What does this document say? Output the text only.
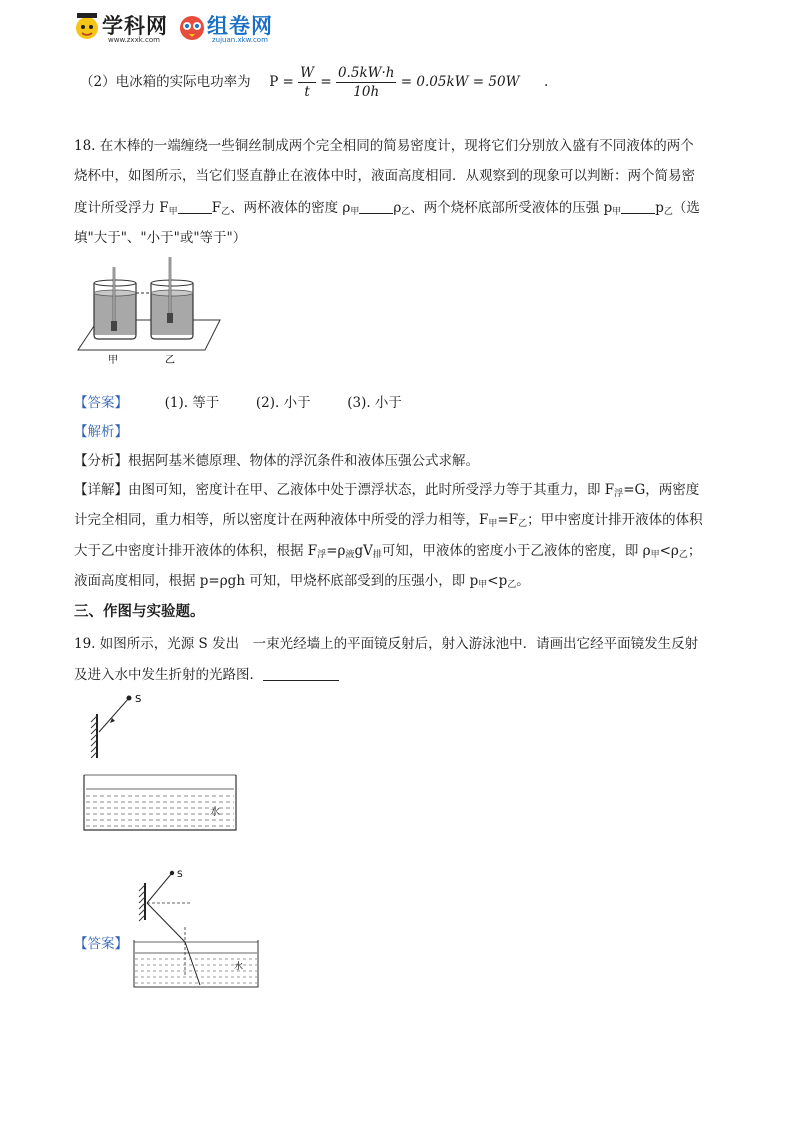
学科网
www.zxxk.com
组卷网
zujuan.xkw.com
（2）电冰箱的实际电功率为 $P = \frac{W}{t} = \frac{0.5kW\cdot h}{10h} = 0.05kW = 50W$ .
18. 在木棒的一端缠绕一些铜丝制成两个完全相同的简易密度计，现将它们分别放入盛有不同液体的两个
烧杯中，如图所示，当它们竖直静止在液体中时，液面高度相同．从观察到的现象可以判断：两个简易密
度计所受浮力 $F_甲$	$F_乙$、两杯液体的密度 $\rho_甲$	$\rho_乙$、两个烧杯底部所受液体的压强 $p_甲$	$p_乙$（选
填"大于"、"小于"或"等于"）
甲	乙
【答案】	(1). 等于	(2). 小于	(3). 小于
【解析】
【分析】根据阿基米德原理、物体的浮沉条件和液体压强公式求解。
【详解】由图可知，密度计在甲、乙液体中处于漂浮状态，此时所受浮力等于其重力，即 $F_浮=G$，两密度
计完全相同，重力相等，所以密度计在两种液体中所受的浮力相等，$F_甲=F_乙$；甲中密度计排开液体的体积
大于乙中密度计排开液体的体积，根据 $F_浮=\rho_液gV_排$可知，甲液体的密度小于乙液体的密度，即 $\rho_甲<\rho_乙$；
液面高度相同，根据 p=ρgh 可知，甲烧杯底部受到的压强小，即 $p_甲<p_乙$。
三、作图与实验题。
19. 如图所示，光源 S 发出　一束光经墙上的平面镜反射后，射入游泳池中．请画出它经平面镜发生反射
及进入水中发生折射的光路图．
S
水
【答案】
S
水
